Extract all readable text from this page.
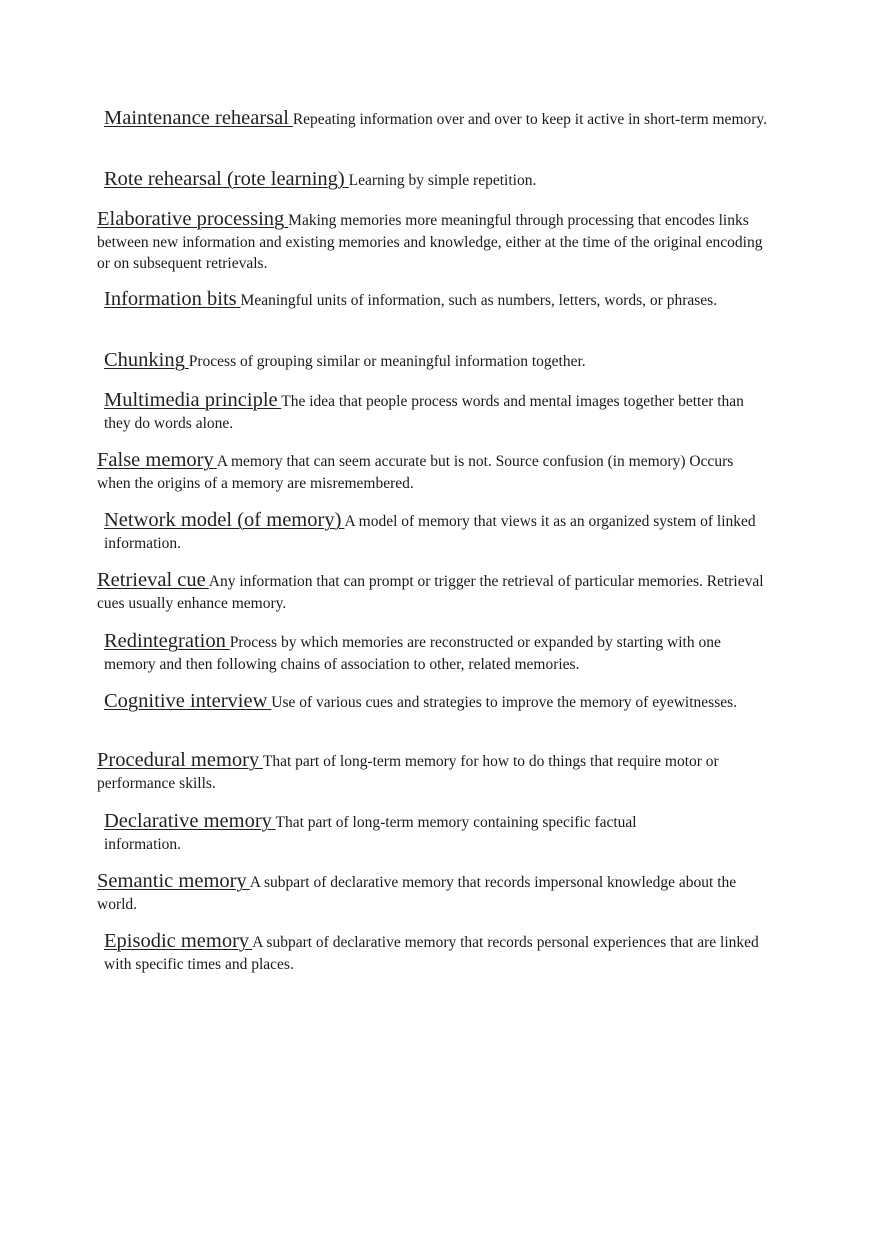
Maintenance rehearsal Repeating information over and over to keep it active in short-term memory.
Rote rehearsal (rote learning) Learning by simple repetition.
Elaborative processing Making memories more meaningful through processing that encodes links between new information and existing memories and knowledge, either at the time of the original encoding or on subsequent retrievals.
Information bits Meaningful units of information, such as numbers, letters, words, or phrases.
Chunking Process of grouping similar or meaningful information together.
Multimedia principle The idea that people process words and mental images together better than they do words alone.
False memory A memory that can seem accurate but is not. Source confusion (in memory) Occurs when the origins of a memory are misremembered.
Network model (of memory) A model of memory that views it as an organized system of linked information.
Retrieval cue Any information that can prompt or trigger the retrieval of particular memories. Retrieval cues usually enhance memory.
Redintegration Process by which memories are reconstructed or expanded by starting with one memory and then following chains of association to other, related memories.
Cognitive interview Use of various cues and strategies to improve the memory of eyewitnesses.
Procedural memory That part of long-term memory for how to do things that require motor or performance skills.
Declarative memory That part of long-term memory containing specific factual information.
Semantic memory A subpart of declarative memory that records impersonal knowledge about the world.
Episodic memory A subpart of declarative memory that records personal experiences that are linked with specific times and places.
